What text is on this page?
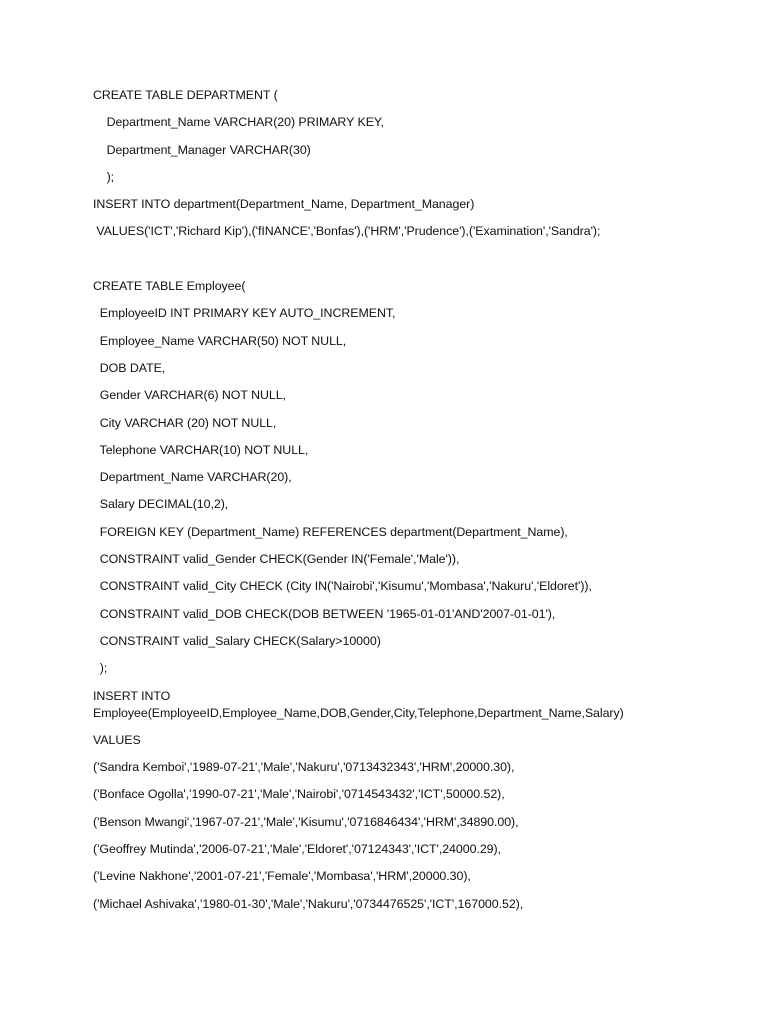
CREATE TABLE DEPARTMENT (
Department_Name VARCHAR(20) PRIMARY KEY,
Department_Manager VARCHAR(30)
);
INSERT INTO department(Department_Name, Department_Manager)
VALUES('ICT','Richard Kip'),('fINANCE','Bonfas'),('HRM','Prudence'),('Examination','Sandra');
CREATE TABLE Employee(
EmployeeID INT PRIMARY KEY AUTO_INCREMENT,
Employee_Name VARCHAR(50) NOT NULL,
DOB DATE,
Gender VARCHAR(6) NOT NULL,
City VARCHAR (20) NOT NULL,
Telephone VARCHAR(10) NOT NULL,
Department_Name VARCHAR(20),
Salary DECIMAL(10,2),
FOREIGN KEY (Department_Name) REFERENCES department(Department_Name),
CONSTRAINT valid_Gender CHECK(Gender IN('Female','Male')),
CONSTRAINT valid_City CHECK (City IN('Nairobi','Kisumu','Mombasa','Nakuru','Eldoret')),
CONSTRAINT valid_DOB CHECK(DOB BETWEEN '1965-01-01'AND'2007-01-01'),
CONSTRAINT valid_Salary CHECK(Salary>10000)
);
INSERT INTO
Employee(EmployeeID,Employee_Name,DOB,Gender,City,Telephone,Department_Name,Salary)
VALUES
('Sandra Kemboi','1989-07-21','Male','Nakuru','0713432343','HRM',20000.30),
('Bonface Ogolla','1990-07-21','Male','Nairobi','0714543432','ICT',50000.52),
('Benson Mwangi','1967-07-21','Male','Kisumu','0716846434','HRM',34890.00),
('Geoffrey Mutinda','2006-07-21','Male','Eldoret','07124343','ICT',24000.29),
('Levine Nakhone','2001-07-21','Female','Mombasa','HRM',20000.30),
('Michael Ashivaka','1980-01-30','Male','Nakuru','0734476525','ICT',167000.52),
